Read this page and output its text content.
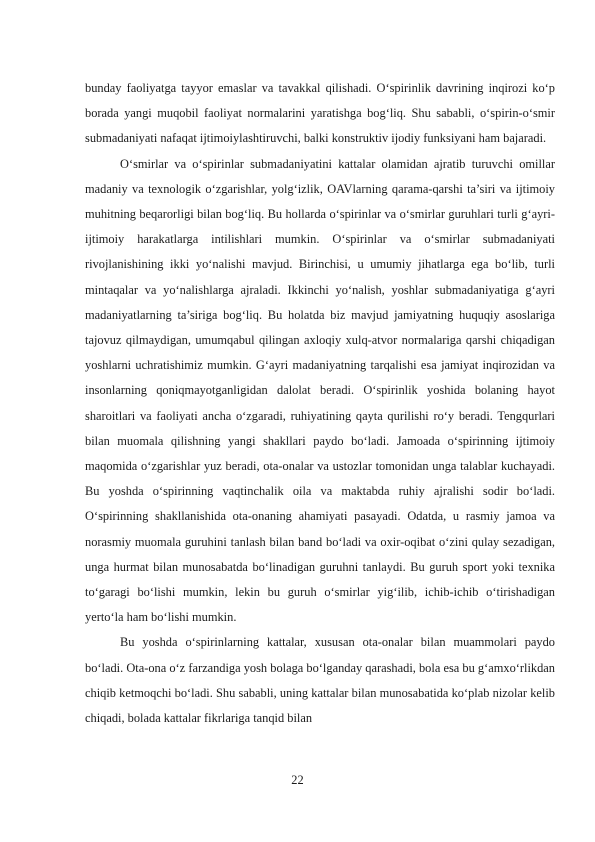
bunday faoliyatga tayyor emaslar va tavakkal qilishadi. O‘spirinlik davrining inqirozi ko‘p borada yangi muqobil faoliyat normalarini yaratishga bog‘liq. Shu sababli, o‘spirin-o‘smir submadaniyati nafaqat ijtimoiylashtiruvchi, balki konstruktiv ijodiy funksiyani ham bajaradi.

O‘smirlar va o‘spirinlar submadaniyatini kattalar olamidan ajratib turuvchi omillar madaniy va texnologik o‘zgarishlar, yolg‘izlik, OAVlarning qarama-qarshi ta’siri va ijtimoiy muhitning beqarorligi bilan bog‘liq. Bu hollarda o‘spirinlar va o‘smirlar guruhlari turli g‘ayri-ijtimoiy harakatlarga intilishlari mumkin. O‘spirinlar va o‘smirlar submadaniyati rivojlanishining ikki yo‘nalishi mavjud. Birinchisi, u umumiy jihatlarga ega bo‘lib, turli mintaqalar va yo‘nalishlarga ajraladi. Ikkinchi yo‘nalish, yoshlar submadaniyatiga g‘ayri madaniyatlarning ta’siriga bog‘liq. Bu holatda biz mavjud jamiyatning huquqiy asoslariga tajovuz qilmaydigan, umumqabul qilingan axloqiy xulq-atvor normalariga qarshi chiqadigan yoshlarni uchratishimiz mumkin. G‘ayri madaniyatning tarqalishi esa jamiyat inqirozidan va insonlarning qoniqmayotganligidan dalolat beradi. O‘spirinlik yoshida bolaning hayot sharoitlari va faoliyati ancha o‘zgaradi, ruhiyatining qayta qurilishi ro‘y beradi. Tengqurlari bilan muomala qilishning yangi shakllari paydo bo‘ladi. Jamoada o‘spirinning ijtimoiy maqomida o‘zgarishlar yuz beradi, ota-onalar va ustozlar tomonidan unga talablar kuchayadi. Bu yoshda o‘spirinning vaqtinchalik oila va maktabda ruhiy ajralishi sodir bo‘ladi. O‘spirinning shakllanishida ota-onaning ahamiyati pasayadi. Odatda, u rasmiy jamoa va norasmiy muomala guruhini tanlash bilan band bo‘ladi va oxir-oqibat o‘zini qulay sezadigan, unga hurmat bilan munosabatda bo‘linadigan guruhni tanlaydi. Bu guruh sport yoki texnika to‘garagi bo‘lishi mumkin, lekin bu guruh o‘smirlar yig‘ilib, ichib-ichib o‘tirishadigan yerto‘la ham bo‘lishi mumkin.

Bu yoshda o‘spirinlarning kattalar, xususan ota-onalar bilan muammolari paydo bo‘ladi. Ota-ona o‘z farzandiga yosh bolaga bo‘lganday qarashadi, bola esa bu g‘amxo‘rlikdan chiqib ketmoqchi bo‘ladi. Shu sababli, uning kattalar bilan munosabatida ko‘plab nizolar kelib chiqadi, bolada kattalar fikrlariga tanqid bilan

22
